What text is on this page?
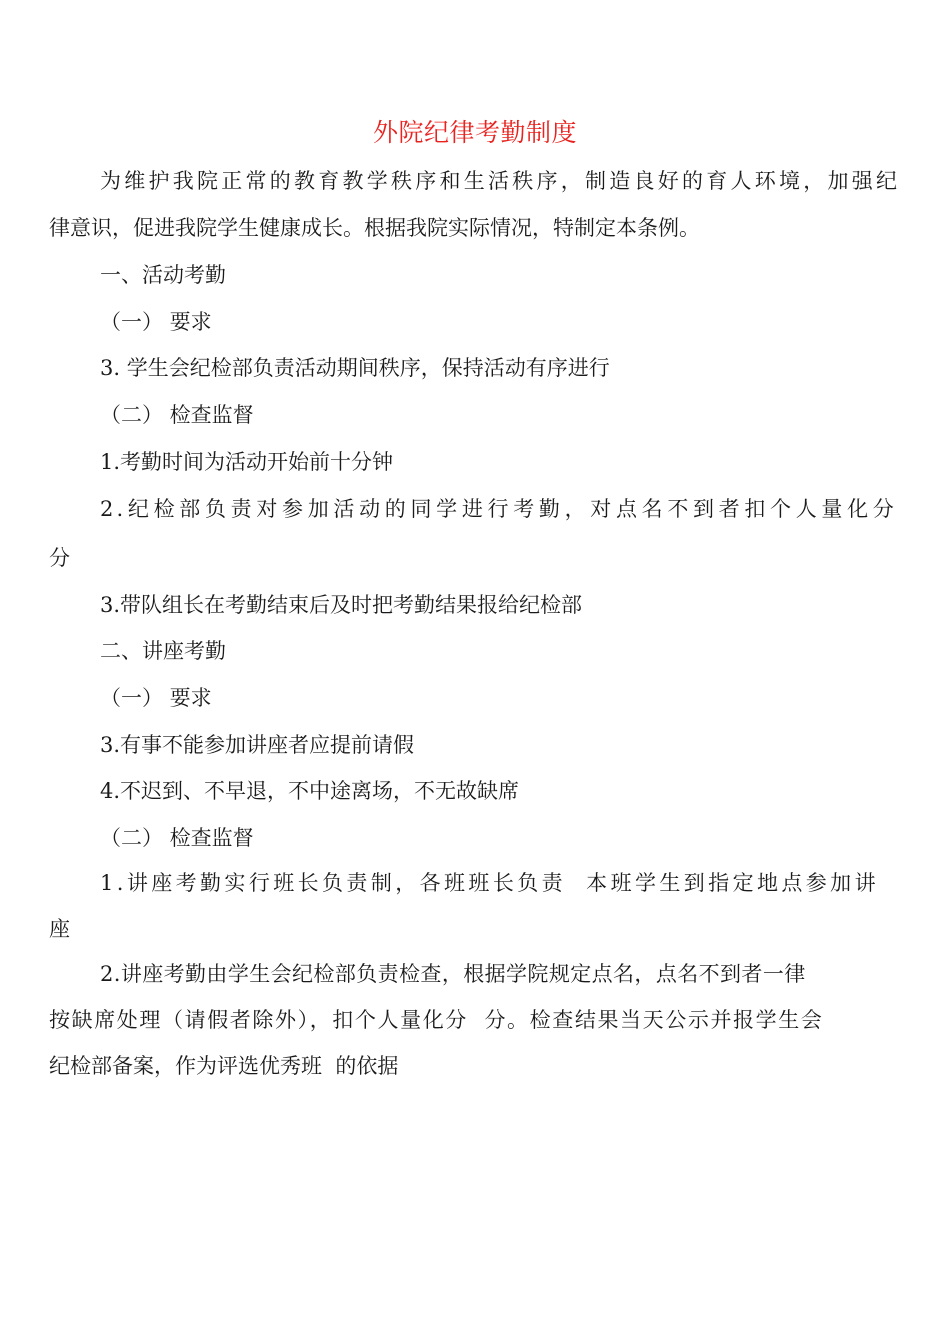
外院纪律考勤制度
为维护我院正常的教育教学秩序和生活秩序，制造良好的育人环境，加强纪
律意识，促进我院学生健康成长。根据我院实际情况，特制定本条例。
一、活动考勤
（一） 要求
3. 学生会纪检部负责活动期间秩序，保持活动有序进行
（二） 检查监督
1.考勤时间为活动开始前十分钟
2.纪检部负责对参加活动的同学进行考勤，对点名不到者扣个人量化分
分
3.带队组长在考勤结束后及时把考勤结果报给纪检部
二、讲座考勤
（一） 要求
3.有事不能参加讲座者应提前请假
4.不迟到、不早退，不中途离场，不无故缺席
（二） 检查监督
1.讲座考勤实行班长负责制，各班班长负责  本班学生到指定地点参加讲
座
2.讲座考勤由学生会纪检部负责检查，根据学院规定点名，点名不到者一律
按缺席处理（请假者除外），扣个人量化分  分。检查结果当天公示并报学生会
纪检部备案，作为评选优秀班  的依据
